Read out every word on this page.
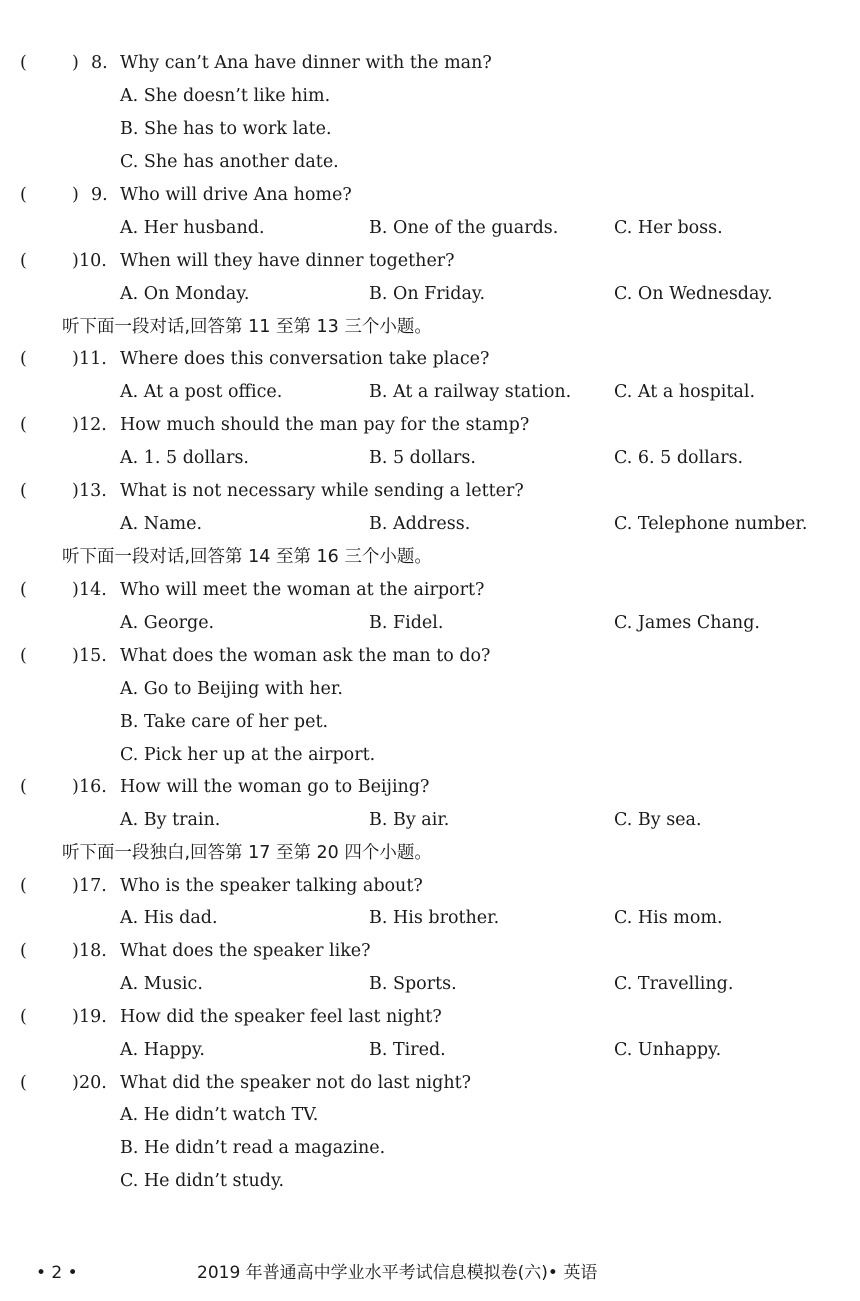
(	) 8. Why can’t Ana have dinner with the man?
A. She doesn’t like him.
B. She has to work late.
C. She has another date.
(	) 9. Who will drive Ana home?
A. Her husband.	B. One of the guards.	C. Her boss.
(	) 10. When will they have dinner together?
A. On Monday.	B. On Friday.	C. On Wednesday.
听下面一段对话,回答第 11 至第 13 三个小题。
(	) 11. Where does this conversation take place?
A. At a post office.	B. At a railway station. C. At a hospital.
(	) 12. How much should the man pay for the stamp?
A. 1. 5 dollars.	B. 5 dollars.	C. 6. 5 dollars.
(	) 13. What is not necessary while sending a letter?
A. Name.	B. Address.	C. Telephone number.
听下面一段对话,回答第 14 至第 16 三个小题。
(	) 14. Who will meet the woman at the airport?
A. George.	B. Fidel.	C. James Chang.
(	) 15. What does the woman ask the man to do?
A. Go to Beijing with her.
B. Take care of her pet.
C. Pick her up at the airport.
(	) 16. How will the woman go to Beijing?
A. By train.	B. By air.	C. By sea.
听下面一段独白,回答第 17 至第 20 四个小题。
(	) 17. Who is the speaker talking about?
A. His dad.	B. His brother.	C. His mom.
(	) 18. What does the speaker like?
A. Music.	B. Sports.	C. Travelling.
(	) 19. How did the speaker feel last night?
A. Happy.	B. Tired.	C. Unhappy.
(	) 20. What did the speaker not do last night?
A. He didn’t watch TV.
B. He didn’t read a magazine.
C. He didn’t study.
• 2 •	2019 年普通高中学业水平考试信息模拟卷(六)• 英语
